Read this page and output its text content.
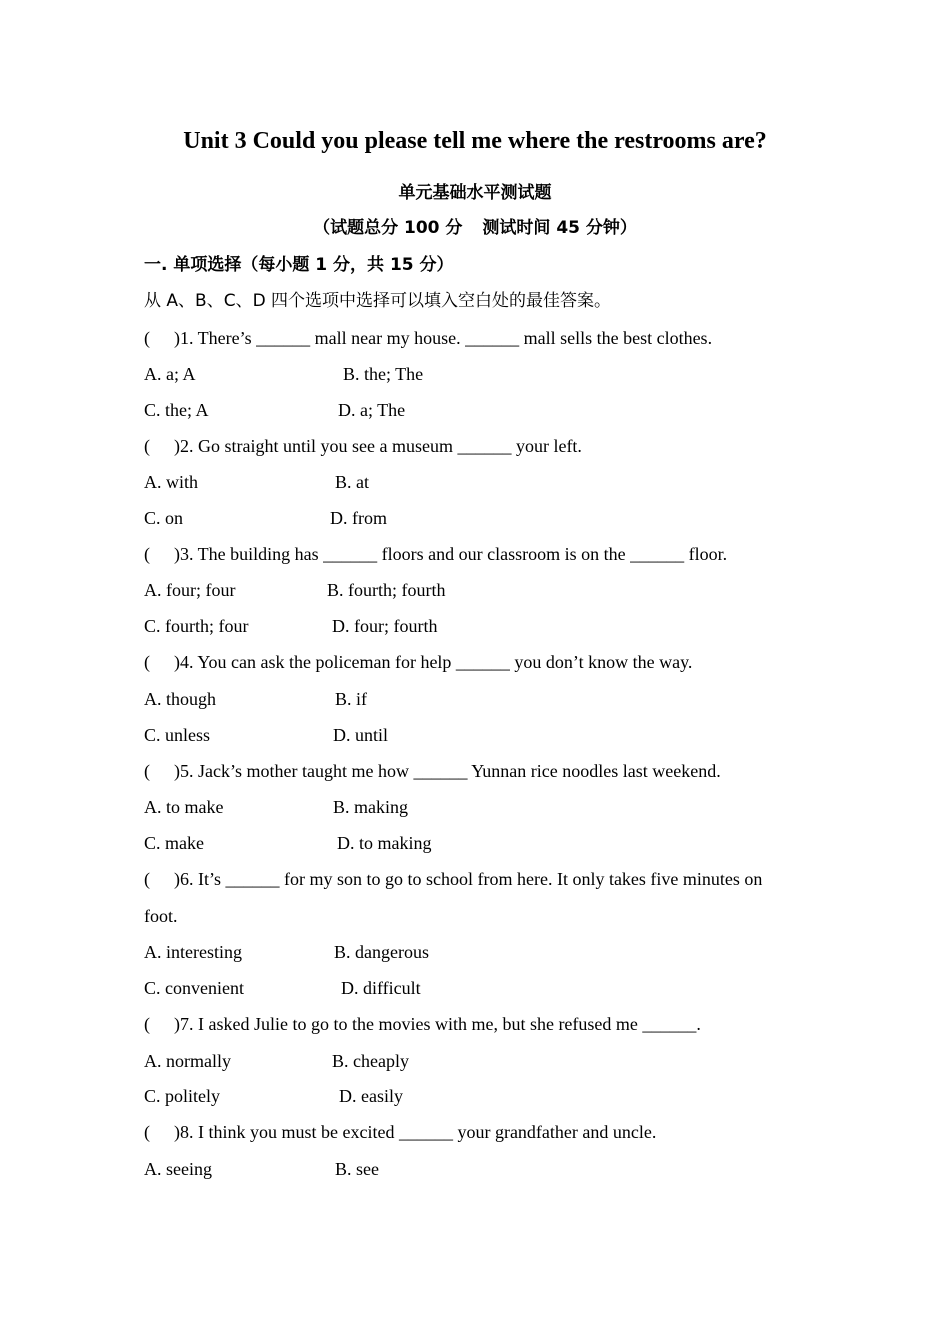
Unit 3 Could you please tell me where the restrooms are?
单元基础水平测试题
（试题总分 100 分 测试时间 45 分钟）
一. 单项选择（每小题 1 分，共 15 分）
从 A、B、C、D 四个选项中选择可以填入空白处的最佳答案。
( )1. There’s ______ mall near my house. ______ mall sells the best clothes.
A. a; A	B. the; The
C. the; A	D. a; The
( )2. Go straight until you see a museum ______ your left.
A. with	B. at
C. on	D. from
( )3. The building has ______ floors and our classroom is on the ______ floor.
A. four; four	B. fourth; fourth
C. fourth; four	D. four; fourth
( )4. You can ask the policeman for help ______ you don’t know the way.
A. though	B. if
C. unless	D. until
( )5. Jack’s mother taught me how ______ Yunnan rice noodles last weekend.
A. to make	B. making
C. make	D. to making
( )6. It’s ______ for my son to go to school from here. It only takes five minutes on
foot.
A. interesting	B. dangerous
C. convenient	D. difficult
( )7. I asked Julie to go to the movies with me, but she refused me ______.
A. normally	B. cheaply
C. politely	D. easily
( )8. I think you must be excited ______ your grandfather and uncle.
A. seeing	B. see
